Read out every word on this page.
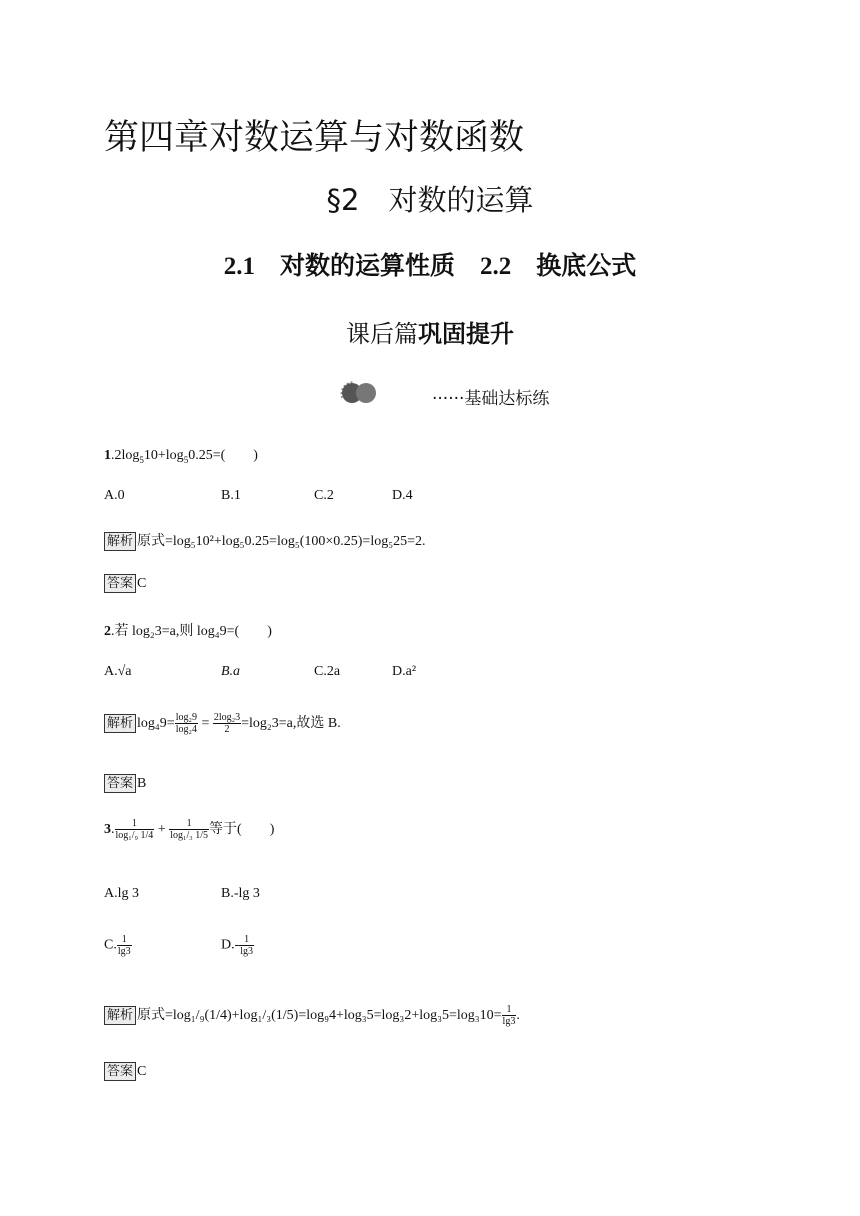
第四章对数运算与对数函数
§2　对数的运算
2.1　 对数的运算性质　 2.2　 换底公式
课后篇巩固提升
······基础达标练
$1.2\log_510+\log_50.25=$(　　)
A.0	B.1	C.2	D.4
解析 原式=log₅10²+log₅0.25=log₅(100×0.25)=log₅25=2.
答案 C
2.若 log₂3=a,则 log₄9=(　　)
A.√a	B.a	C.2a	D.a²
解析 $\log_49= \frac{\text{log₂9}}{\text{log₂4}} = \frac{\text{2log₂3}}{2} =\log_23=a$,故选 B.
答案 B
3. $\frac{1}{\text{log₁/₉ 1/4}} + \frac{1}{\text{log₁/₃ 1/5}}$ 等于(　　)
A.lg 3	B.-lg 3
C. $\frac{1}{\lg 3}$	$D.- \frac{1}{\lg 3}$
解析 原式$=\log_1/_9(1/4)+\log_1/_3(1/5)=\log_94+\log_35=\log_32+\log_35=\log_310= \frac{1}{\lg 3}$ .
答案 C
